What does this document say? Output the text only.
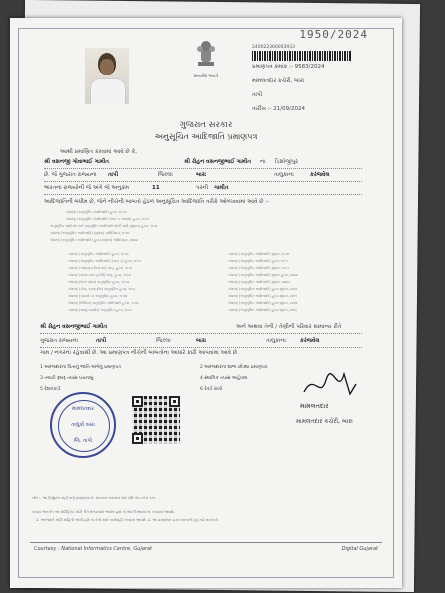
1950/2024
સત્યમેવ જયતે
240022360003933
પ્રમાણપત્ર ક્રમાંક :- 9583/2024
મામલતદાર કચેરી, બારા
તાપી
તારીખ :- 21/09/2024
ગુજરાત સરકાર
અનુસૂચિત આદિજાતિ પ્રમાણપત્ર
આથી પ્રમાણિત કરવામાં આવે છે કે,
શ્રી વસનજી ગોવાભાઈ ગામીત	શ્રી રોહન વસનજીભાઈ ગામીત ના ડિસોજીપુર
છે. જે ગુજરાત રાજ્યના તાપી	જિલ્લા	બારા	તાલુકાના	કરંજવેલ
ભારતના રાજ્યોની જે અંગે જે અનુક્રમ	11	પરની ગામીત
આદિજાતિની બંધીમ છે, જેને નીચેની બાબતો હેઠળ અનુસૂચિત આદિજાતિ તરીકે ઓળખવામાં આવે છે :-
બંધારણ (અનુસૂચિત આદિજાતિ) હુકમ, ૧૯૫૦
બંધારણ (અનુસૂચિત આદિજાતિ) (ભાગ ક રાજ્યો) હુકમ, ૧૯૫૧
અનુસૂચિત જાતિઓ અને અનુસૂચિત આદિજાતિઓની યાદી (સુધારા) હુકમ, ૧૯૫૬
બંધારણ (અનુસૂચિત આદિજાતિ) (સુધારા) અધિનિયમ, ૧૯૭૬
બંધારણ (અનુસૂચિત આદિજાતિ) હુકમ (સુધારા) અધિનિયમ, ૨૦૦૨
બંધારણ (અનુસૂચિત આદિજાતિ) હુકમ, ૧૯૫૦
બંધારણ (અનુસૂચિત આદિજાતિ) (ભાગ ક) હુકમ, ૧૯૫૧
બંધારણ (આંદામાન-નિકોબાર) અનુ. હુકમ, ૧૯૫૯
બંધારણ (દાદરા-નગર હવેલી) અનુ. હુકમ, ૧૯૬૨
બંધારણ (ઉત્તર પ્રદેશ) અનુસૂચિત હુકમ, ૧૯૬૭
બંધારણ (ગોવા, દમણ-દીવ) અનુસૂચિત હુકમ, ૧૯૬૮
બંધારણ (નાગાલેન્ડ) અનુસૂચિત હુકમ, ૧૯૭૦
બંધારણ (સિક્કિમ) અનુસૂચિત આદિજાતિ હુકમ, ૧૯૭૮
બંધારણ (જમ્મુ-કાશ્મીર) અનુસૂચિત હુકમ, ૧૯૮૯
બંધારણ (અનુસૂચિત આદિજાતિ) સુધારા, ૧૯૭૬
બંધારણ (અનુસૂચિત આદિજાતિ) હુકમ, ૧૯૯૧
બંધારણ (અનુસૂચિત આદિજાતિ) સુધારા, ૧૯૯૧
બંધારણ (અનુસૂચિત આદિજાતિ) સુધારા હુકમ, ૨૦૦૨
બંધારણ (અનુસૂચિત આદિજાતિ) સુધારા, ૨૦૦૩
બંધારણ (અનુસૂચિત આદિજાતિ) હુકમ સુધારા, ૨૦૦૬
બંધારણ (અનુસૂચિત આદિજાતિ) હુકમ સુધારા, ૨૦૧૧
બંધારણ (અનુસૂચિત આદિજાતિ) હુકમ સુધારા, ૨૦૧૪
બંધારણ (અનુસૂચિત આદિજાતિ) હુકમ સુધારા, ૨૦૧૬
શ્રી રોહન વસનજીભાઈ ગામીત	અને અથવા તેની / તેણીની પરિવાર સામાન્ય રીતે
ગુજરાત રાજ્યના	તાપી	જિલ્લા	બારા	તાલુકાના	કરંજવેલ
ગામ / નગરનાં રહેવાસી છે. આ પ્રમાણપત્ર નીચેની બાબતોના આધારે કાઢી આપવામાં આવે છે.
1 અરજદારના પિતાનું જાતિ અંગેનું પ્રમાણપત્ર	2 અરજદારના શાળા છોડ્યા પ્રમાણપત્ર
3 તલાટી રૂબરૂ તપાસ પંચનામું	4 સ્થાનિક તપાસ અહેવાલ
5 રેશનકાર્ડ	6 રેકર્ડ રાખી
મામલતદાર
તાલુકો બારા
જિ. તાપી
મામલતદાર
મામલતદાર કચેરી, બારા
નોંધ :- આ ડિજીટલ સહી વાળું પ્રમાણપત્ર છે. માન્યતા ચકાસવા માટે QR કોડ સ્કેન કરો.
કાયદા અંતર્ગત આ સર્ટિફિકેટ ખોટી રીતે મેળવવામાં આવેલ હશે તો તેવા કિસ્સામાં રદ કરવામાં આવશે.
1. અરજદારે ખોટી માહિતી આપી હશે તો તેની સામે કાર્યવાહી કરવામાં આવશે. 2. આ પ્રમાણપત્ર ફક્ત સરકારી હેતુ માટે માન્ય છે.
Courtesy : National Informatics Centre, Gujarat	Digital Gujarat
